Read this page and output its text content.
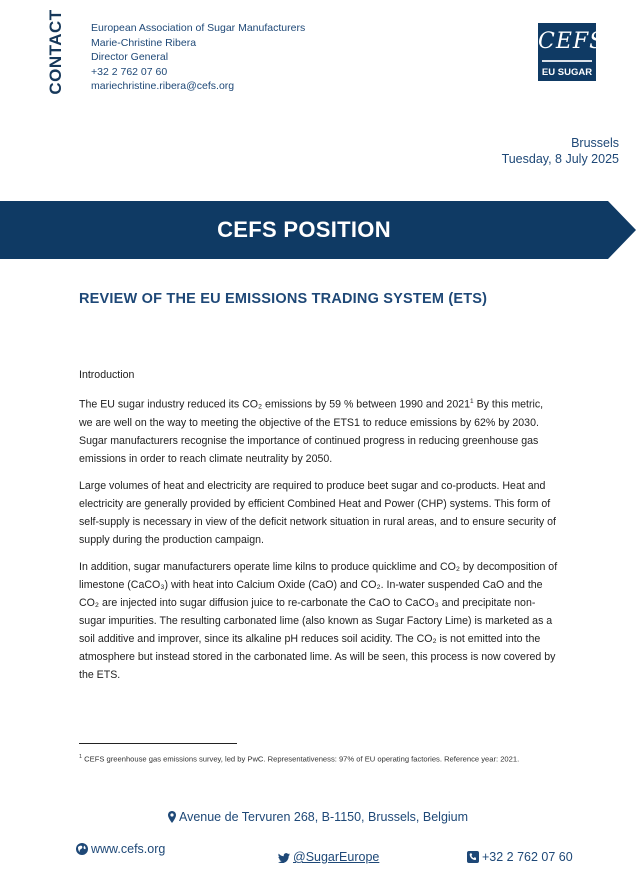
CONTACT European Association of Sugar Manufacturers
Marie-Christine Ribera
Director General
+32 2 762 07 60
mariechristine.ribera@cefs.org
CEFS
EU SUGAR
Brussels
Tuesday, 8 July 2025
CEFS POSITION
REVIEW OF THE EU EMISSIONS TRADING SYSTEM (ETS)
Introduction

The EU sugar industry reduced its CO₂ emissions by 59 % between 1990 and 2021$^1$ By this metric, we are well on the way to meeting the objective of the ETS1 to reduce emissions by 62% by 2030. Sugar manufacturers recognise the importance of continued progress in reducing greenhouse gas emissions in order to reach climate neutrality by 2050.

Large volumes of heat and electricity are required to produce beet sugar and co-products. Heat and electricity are generally provided by efficient Combined Heat and Power (CHP) systems. This form of self-supply is necessary in view of the deficit network situation in rural areas, and to ensure security of supply during the production campaign.

In addition, sugar manufacturers operate lime kilns to produce quicklime and CO₂ by decomposition of limestone (CaCO₃) with heat into Calcium Oxide (CaO) and CO₂. In-water suspended CaO and the CO₂ are injected into sugar diffusion juice to re-carbonate the CaO to CaCO₃ and precipitate non-sugar impurities. The resulting carbonated lime (also known as Sugar Factory Lime) is marketed as a soil additive and improver, since its alkaline pH reduces soil acidity. The CO₂ is not emitted into the atmosphere but instead stored in the carbonated lime. As will be seen, this process is now covered by the ETS.

$^1$ CEFS greenhouse gas emissions survey, led by PwC. Representativeness: 97% of EU operating factories. Reference year: 2021.
Avenue de Tervuren 268, B-1150, Brussels, Belgium
www.cefs.org
@SugarEurope	+32 2 762 07 60
